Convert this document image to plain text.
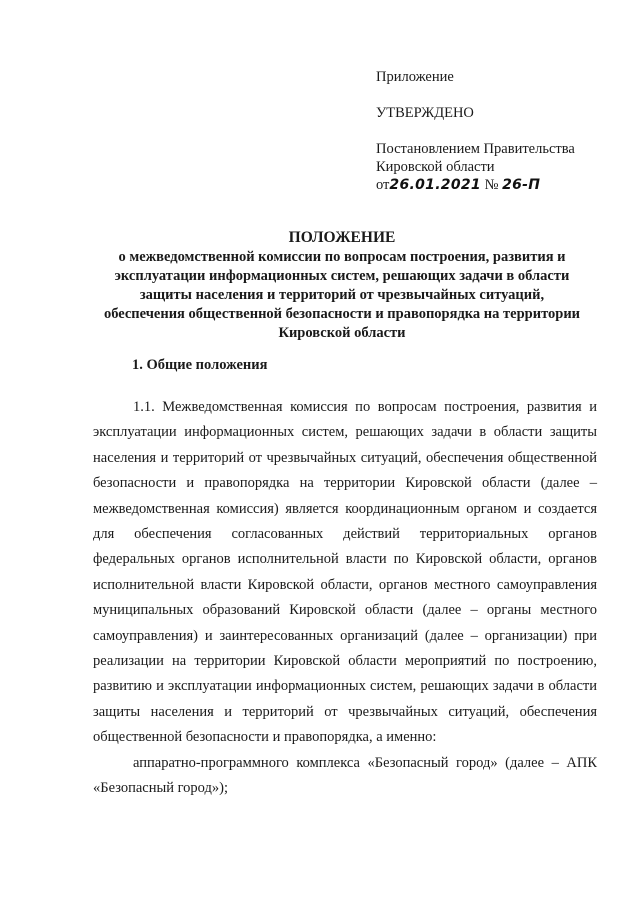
Приложение
УТВЕРЖДЕНО
Постановлением Правительства
Кировской области
от26.01.2021 № 26-П
ПОЛОЖЕНИЕ
о межведомственной комиссии по вопросам построения, развития и
эксплуатации информационных систем, решающих задачи в области
защиты населения и территорий от чрезвычайных ситуаций,
обеспечения общественной безопасности и правопорядка на территории
Кировской области
1. Общие положения

1.1. Межведомственная комиссия по вопросам построения, развития и эксплуатации информационных систем, решающих задачи в области защиты населения и территорий от чрезвычайных ситуаций, обеспечения общественной безопасности и правопорядка на территории Кировской области (далее – межведомственная комиссия) является координационным органом и создается для обеспечения согласованных действий территориальных органов федеральных органов исполнительной власти по Кировской области, органов исполнительной власти Кировской области, органов местного самоуправления муниципальных образований Кировской области (далее – органы местного самоуправления) и заинтересованных организаций (далее – организации) при реализации на территории Кировской области мероприятий по построению, развитию и эксплуатации информационных систем, решающих задачи в области защиты населения и территорий от чрезвычайных ситуаций, обеспечения общественной безопасности и правопорядка, а именно:

аппаратно-программного комплекса «Безопасный город» (далее – АПК «Безопасный город»);
